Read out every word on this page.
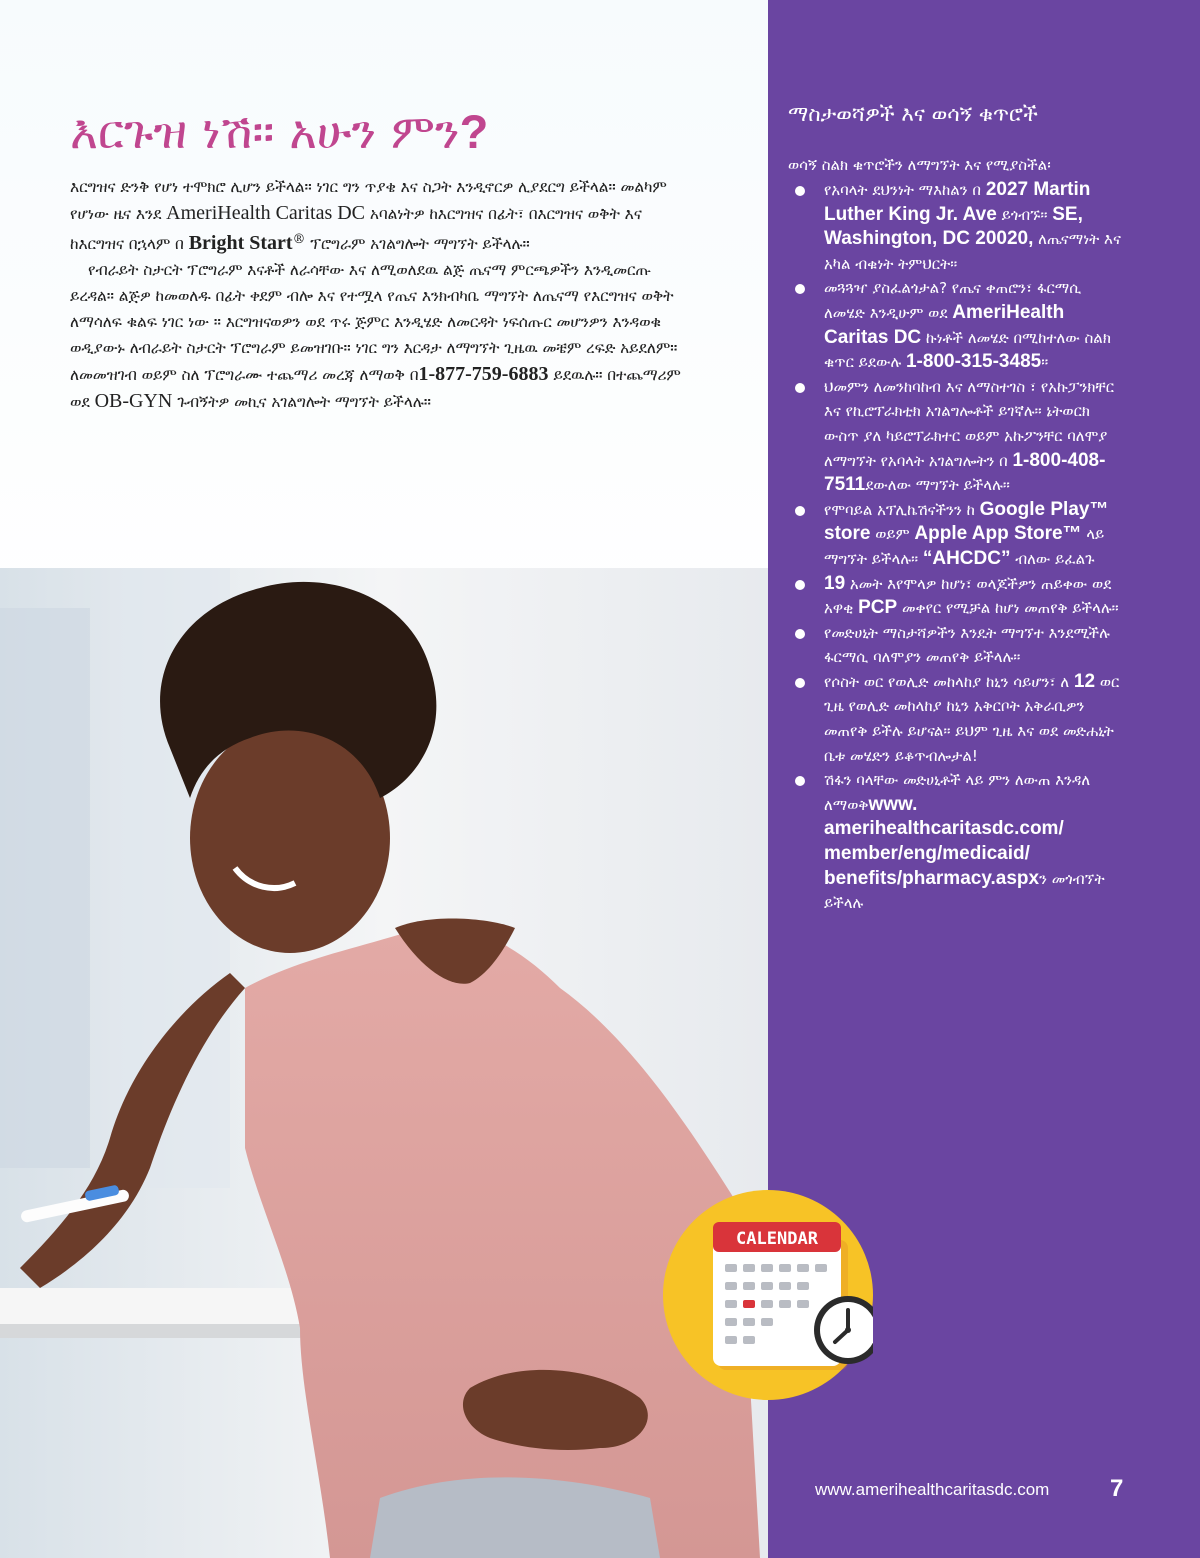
እርጉዝ ነሽ። አሁን ምን?

እርግዝና ድንቅ የሆነ ተሞክሮ ሊሆን ይችላል። ነገር ግን ጥያቄ እና ስጋት እንዲኖርዎ ሊያደርግ ይችላል። መልካም የሆነው ዜና እንደ AmeriHealth Caritas DC አባልነትዎ ከእርግዝና በፊት፣ በእርግዝና ወቅት እና ከእርግዝና በኋላም በ Bright Start® ፕሮግራም አገልግሎት ማግኘት ይችላሉ።

የብራይት ስታርት ፕሮግራም እናቶች ለራሳቸው እና ለሚወለደዉ ልጅ ጤናማ ምርጫዎችን እንዲመርጡ ይረዳል። ልጅዎ ከመወለዱ በፊት ቀደም ብሎ እና የተሟላ የጤና እንክብካቤ ማግኘት ለጤናማ የእርግዝና ወቅት ለማሳለፍ ቁልፍ ነገር ነው ። እርግዝናወዎን ወደ ጥሩ ጅምር እንዲሄድ ለመርዳት ነፍሰጡር መሆንዎን እንዳወቁ ወዲያውኑ ለብራይት ስታርት ፕሮግራም ይመዝገቡ። ነገር ግን እርዳታ ለማግኘት ጊዜዉ መቼም ረፍድ አይደለም። ለመመዝገብ ወይም ስለ ፕሮግራሙ ተጨማሪ መረጃ ለማወቅ በ1-877-759-6883 ይደዉሉ። በተጨማሪም ወደ OB-GYN ጉብኝትዎ መኪና አገልግሎት ማግኘት ይችላሉ።

CALENDAR
ማስታወሻዎች እና ወሳኝ ቁጥሮች
ወሳኝ ስልክ ቁጥሮችን ለማግኘት እና የሚያስችል፡
የአባላት ደህንነት ማእከልን በ 2027 Martin Luther King Jr. Ave ይጎብኙ። SE, Washington, DC 20020, ለጤናማነት እና አካል ብቁነት ትምህርት።
መጓጓዣ ያስፈልጎታል? የጤና ቀጠሮን፣ ፋርማሲ ለመሄድ እንዲሁም ወደ AmeriHealth Caritas DC ኩነቶች ለመሄድ በሚከተለው ስልክ ቁጥር ይደውሉ 1-800-315-3485።
ህመምን ለመንከባከብ እና ለማስተገስ ፣ የአኩፓንክቸር እና የኪሮፕራክቲክ አገልግሎቶች ይገኛሉ። ኔትወርክ ውስጥ ያለ ካይሮፕራክተር ወይም አኩፖንቸር ባለሞያ ለማግኘት የአባላት አገልግሎትን በ 1-800-408-7511ደውለው ማግኘት ይችላሉ።
የሞባይል አፕሊኬሽናችንን ከ Google Play™ store ወይም Apple App Store™ ላይ ማግኘት ይችላሉ። “AHCDC” ብለው ይፈልጉ
19 አመት እየሞላዎ ከሆነ፣ ወላጆችዎን ጠይቀው ወደ አዋቂ PCP መቀየር የሚቻል ከሆነ መጠየቅ ይችላሉ።
የመድሀኒት ማስታሻዎችን እንዴት ማግኘተ እንደሚችሉ ፋርማሲ ባለሞያን መጠየቅ ይችላሉ።
የሶስት ወር የወሊድ መከላከያ ከኒን ሳይሆን፣ ለ 12 ወር ጊዜ የወሊድ መከላከያ ከኒን አቅርቦት አቅራቢዎን መጠየቅ ይችሉ ይሆናል። ይህም ጊዜ እና ወደ መድሐኒት ቤቱ መሄድን ይቆጥብሎታል!
ሽፋን ባላቸው መድሀኒቶች ላይ ምን ለውጠ እንዳለ ለማወቅwww. amerihealthcaritasdc.com/ member/eng/medicaid/ benefits/pharmacy.aspxን መጎብኘት ይችላሉ
www.amerihealthcaritasdc.com	7
